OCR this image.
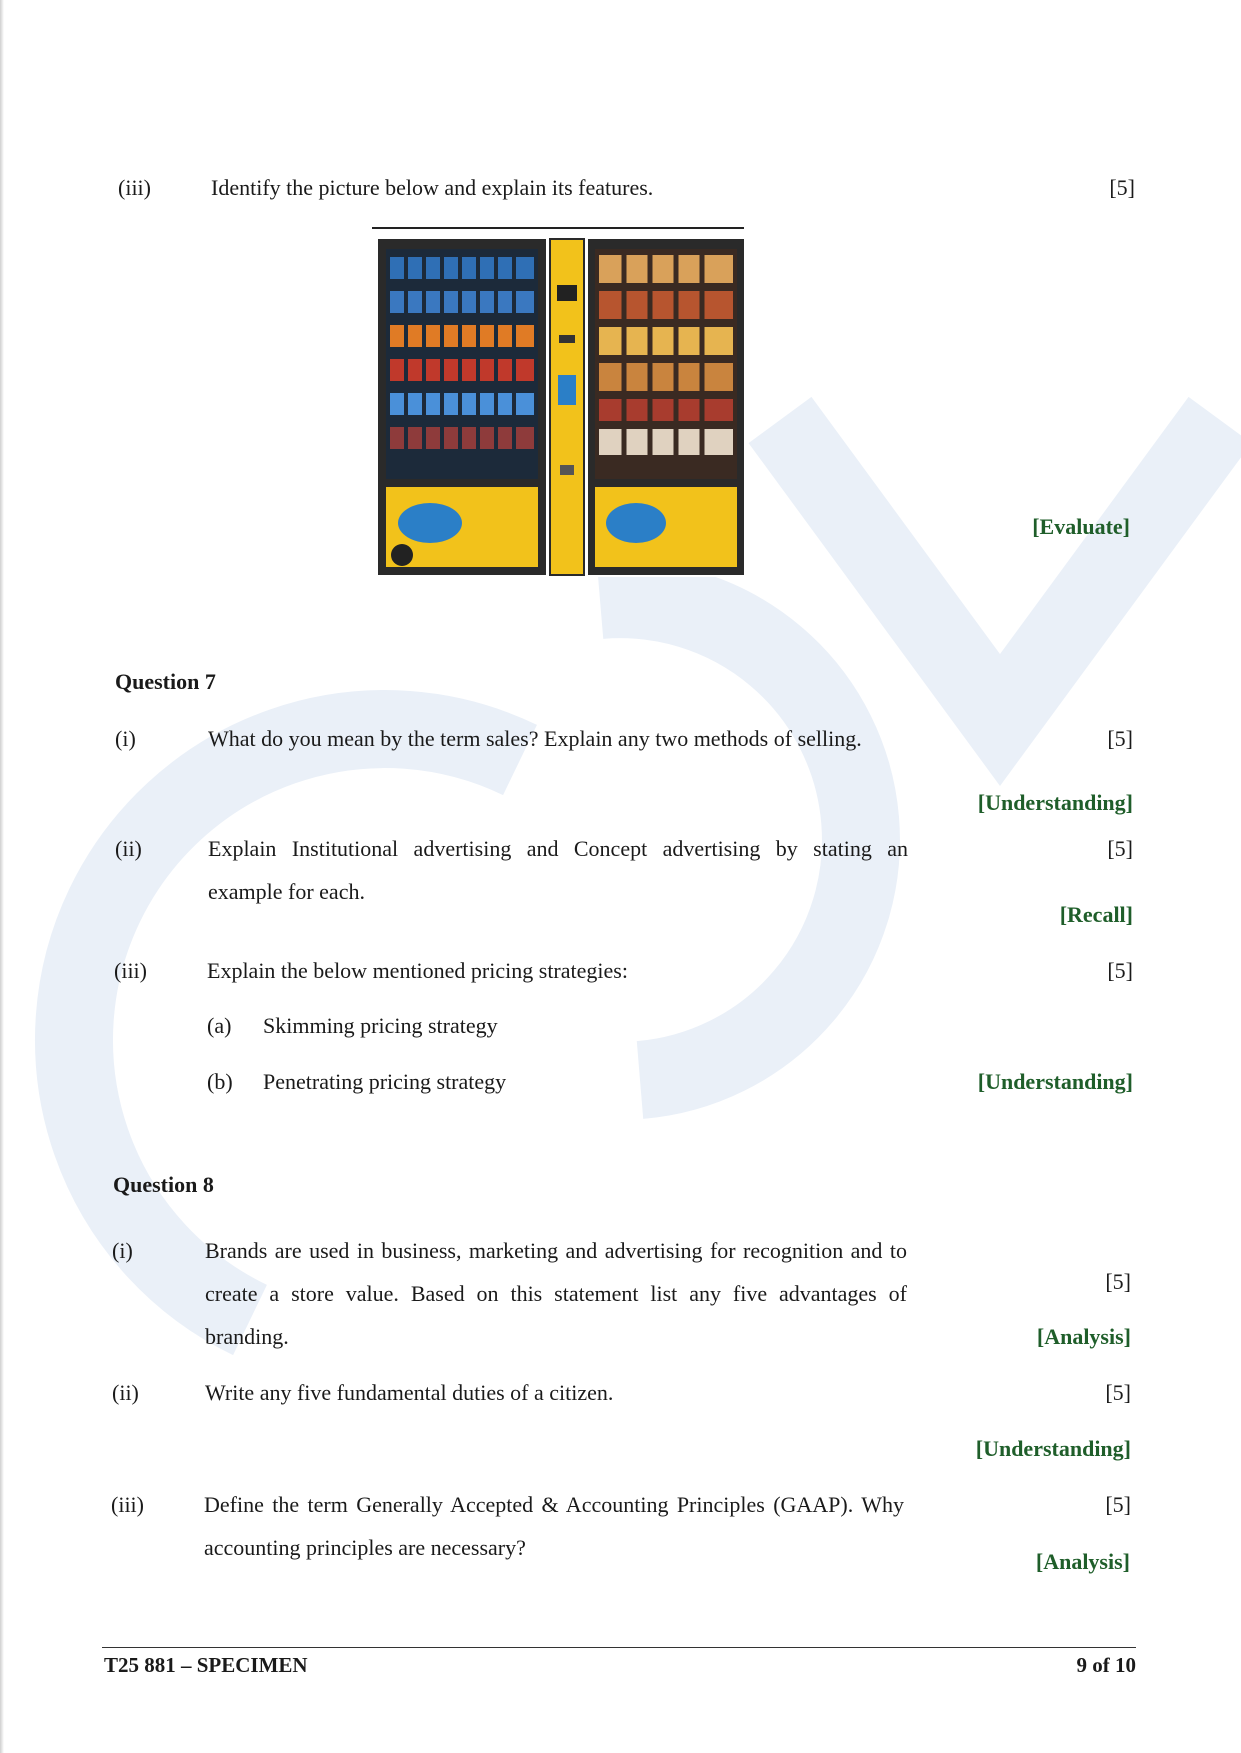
(iii)	Identify the picture below and explain its features.	[5]
[Evaluate]
Question 7
(i)	What do you mean by the term sales? Explain any two methods of selling.	[5]
[Understanding]
(ii)	Explain Institutional advertising and Concept advertising by stating an example for each.
[5]
[Recall]
(iii)	Explain the below mentioned pricing strategies:	[5]
(a) Skimming pricing strategy
(b) Penetrating pricing strategy	[Understanding]
Question 8
(i)	Brands are used in business, marketing and advertising for recognition and to create a store value. Based on this statement list any five advantages of branding.
[5]
[Analysis]
(ii)	Write any five fundamental duties of a citizen.	[5]
[Understanding]
(iii)	Define the term Generally Accepted & Accounting Principles (GAAP). Why accounting principles are necessary?
[5]
[Analysis]
T25 881 – SPECIMEN	9 of 10
